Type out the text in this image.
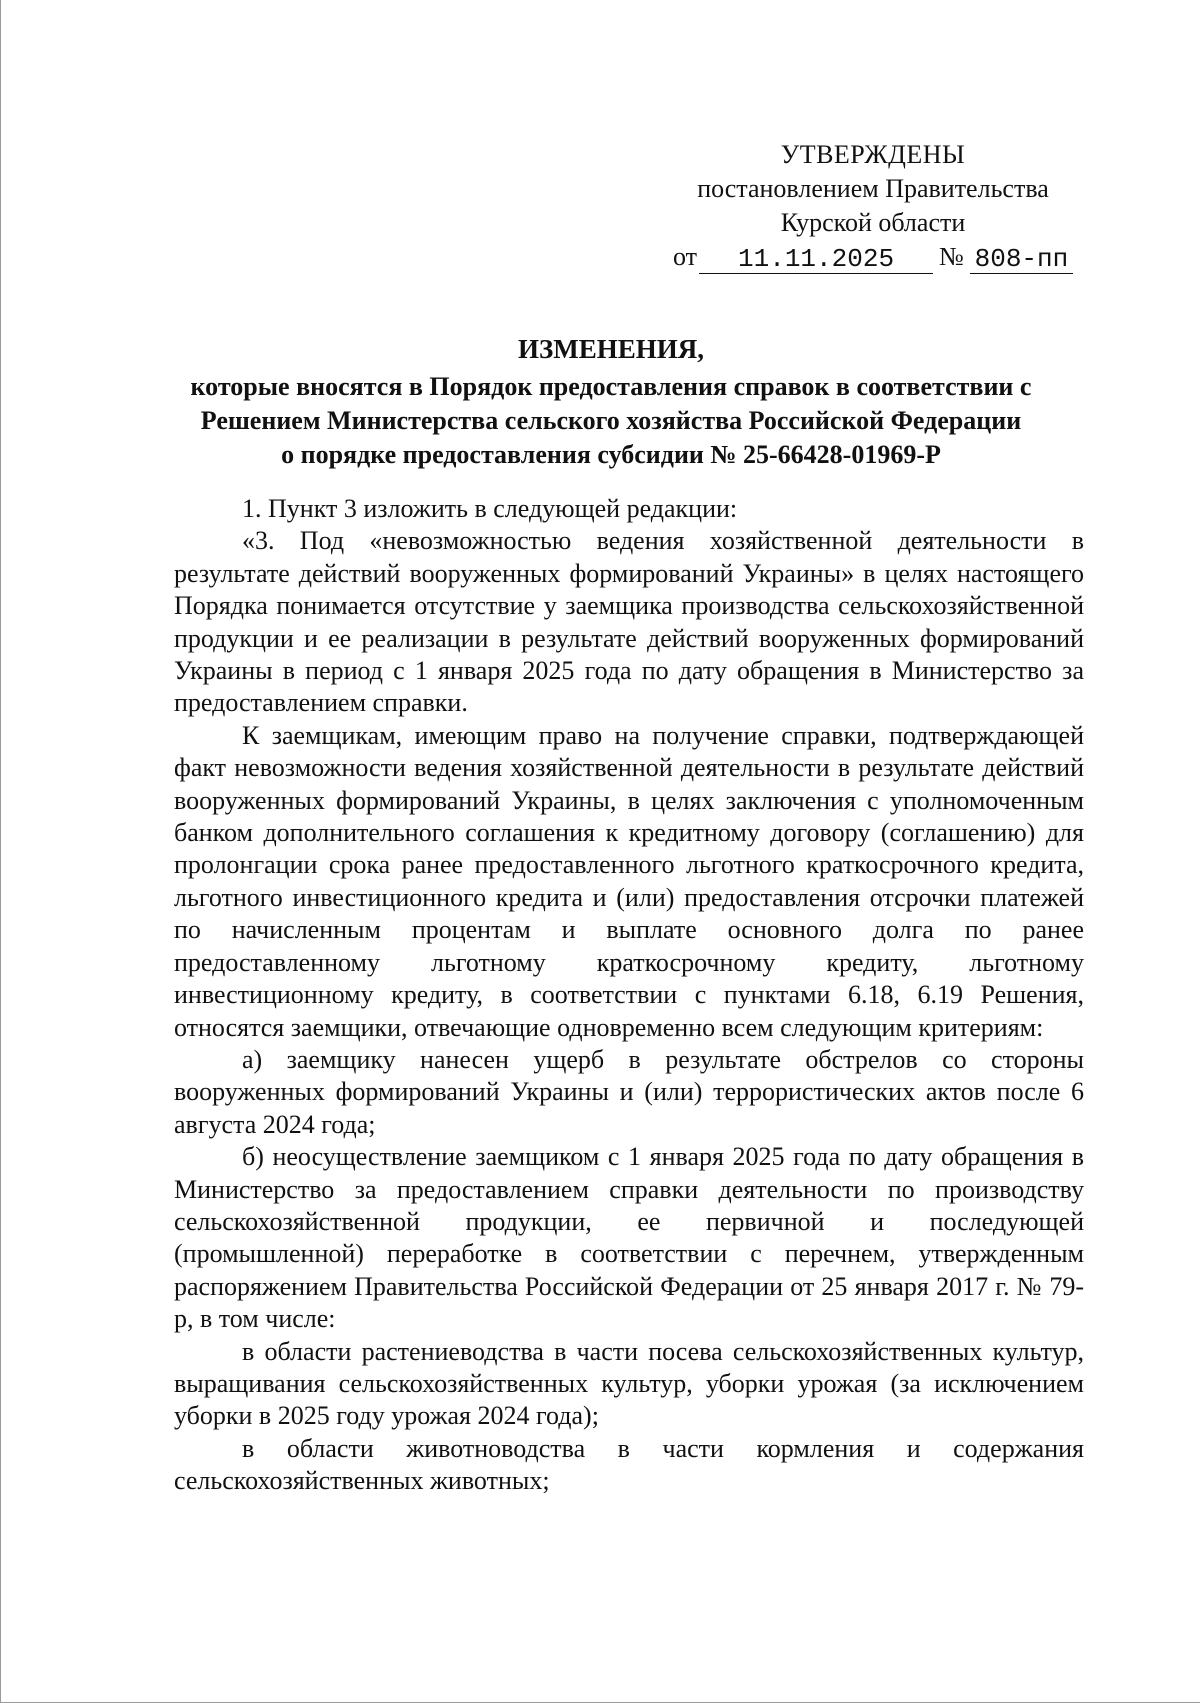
УТВЕРЖДЕНЫ
постановлением Правительства
Курской области
от	11.11.2025	№ 808-пп
ИЗМЕНЕНИЯ,
которые вносятся в Порядок предоставления справок в соответствии с
Решением Министерства сельского хозяйства Российской Федерации
о порядке предоставления субсидии № 25-66428-01969-Р

1. Пункт 3 изложить в следующей редакции:

«3. Под «невозможностью ведения хозяйственной деятельности в результате действий вооруженных формирований Украины» в целях настоящего Порядка понимается отсутствие у заемщика производства сельскохозяйственной продукции и ее реализации в результате действий вооруженных формирований Украины в период с 1 января 2025 года по дату обращения в Министерство за предоставлением справки.

К заемщикам, имеющим право на получение справки, подтверждающей факт невозможности ведения хозяйственной деятельности в результате действий вооруженных формирований Украины, в целях заключения с уполномоченным банком дополнительного соглашения к кредитному договору (соглашению) для пролонгации срока ранее предоставленного льготного краткосрочного кредита, льготного инвестиционного кредита и (или) предоставления отсрочки платежей по начисленным процентам и выплате основного долга по ранее предоставленному льготному краткосрочному кредиту, льготному инвестиционному кредиту, в соответствии с пунктами 6.18, 6.19 Решения, относятся заемщики, отвечающие одновременно всем следующим критериям:

а) заемщику нанесен ущерб в результате обстрелов со стороны вооруженных формирований Украины и (или) террористических актов после 6 августа 2024 года;

б) неосуществление заемщиком с 1 января 2025 года по дату обращения в Министерство за предоставлением справки деятельности по производству сельскохозяйственной продукции, ее первичной и последующей (промышленной) переработке в соответствии с перечнем, утвержденным распоряжением Правительства Российской Федерации от 25 января 2017 г. № 79-р, в том числе:

в области растениеводства в части посева сельскохозяйственных культур, выращивания сельскохозяйственных культур, уборки урожая (за исключением уборки в 2025 году урожая 2024 года);

в области животноводства в части кормления и содержания сельскохозяйственных животных;
